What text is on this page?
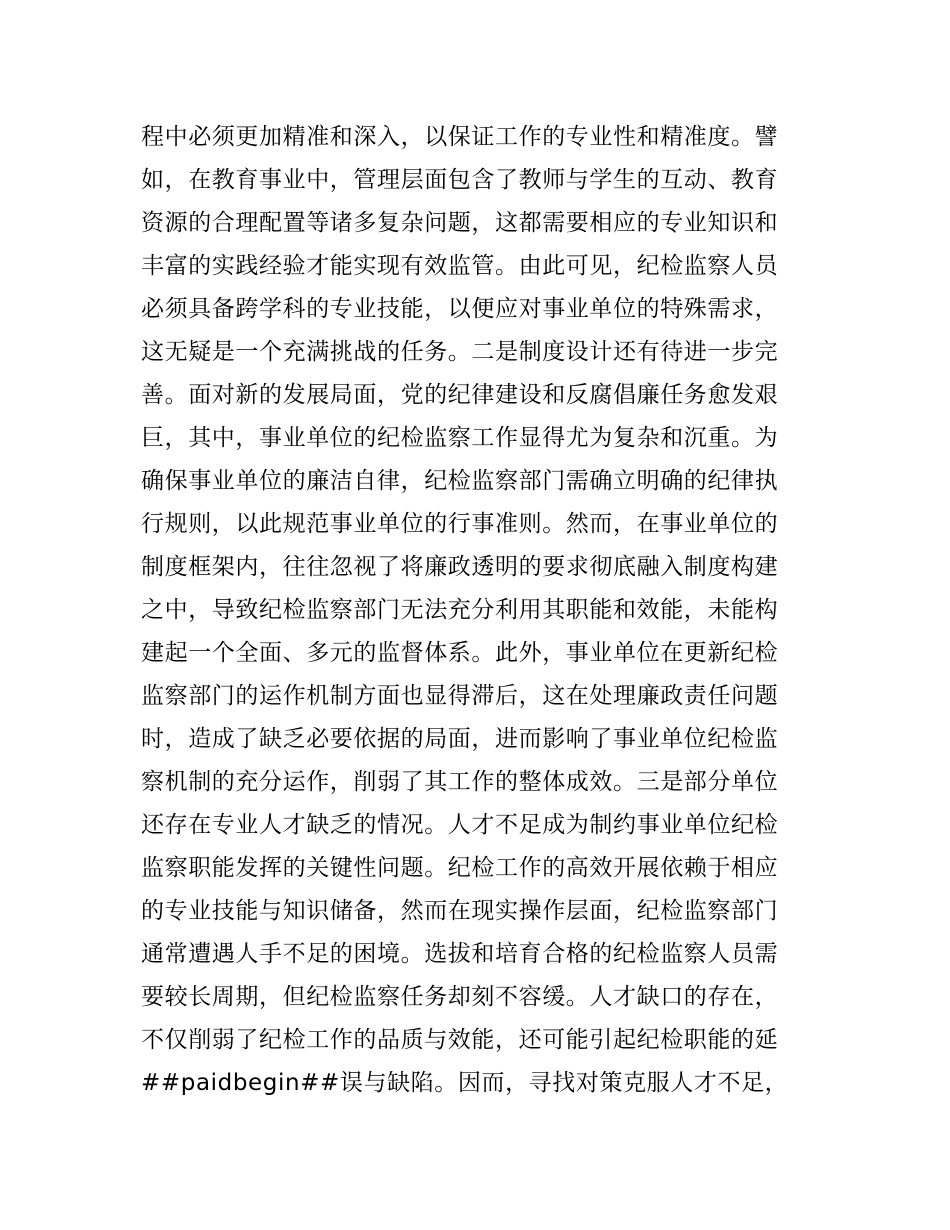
程中必须更加精准和深入，以保证工作的专业性和精准度。譬
如，在教育事业中，管理层面包含了教师与学生的互动、教育
资源的合理配置等诸多复杂问题，这都需要相应的专业知识和
丰富的实践经验才能实现有效监管。由此可见，纪检监察人员
必须具备跨学科的专业技能，以便应对事业单位的特殊需求，
这无疑是一个充满挑战的任务。二是制度设计还有待进一步完
善。面对新的发展局面，党的纪律建设和反腐倡廉任务愈发艰
巨，其中，事业单位的纪检监察工作显得尤为复杂和沉重。为
确保事业单位的廉洁自律，纪检监察部门需确立明确的纪律执
行规则，以此规范事业单位的行事准则。然而，在事业单位的
制度框架内，往往忽视了将廉政透明的要求彻底融入制度构建
之中，导致纪检监察部门无法充分利用其职能和效能，未能构
建起一个全面、多元的监督体系。此外，事业单位在更新纪检
监察部门的运作机制方面也显得滞后，这在处理廉政责任问题
时，造成了缺乏必要依据的局面，进而影响了事业单位纪检监
察机制的充分运作，削弱了其工作的整体成效。三是部分单位
还存在专业人才缺乏的情况。人才不足成为制约事业单位纪检
监察职能发挥的关键性问题。纪检工作的高效开展依赖于相应
的专业技能与知识储备，然而在现实操作层面，纪检监察部门
通常遭遇人手不足的困境。选拔和培育合格的纪检监察人员需
要较长周期，但纪检监察任务却刻不容缓。人才缺口的存在，
不仅削弱了纪检工作的品质与效能，还可能引起纪检职能的延
##paidbegin##误与缺陷。因而，寻找对策克服人才不足，
